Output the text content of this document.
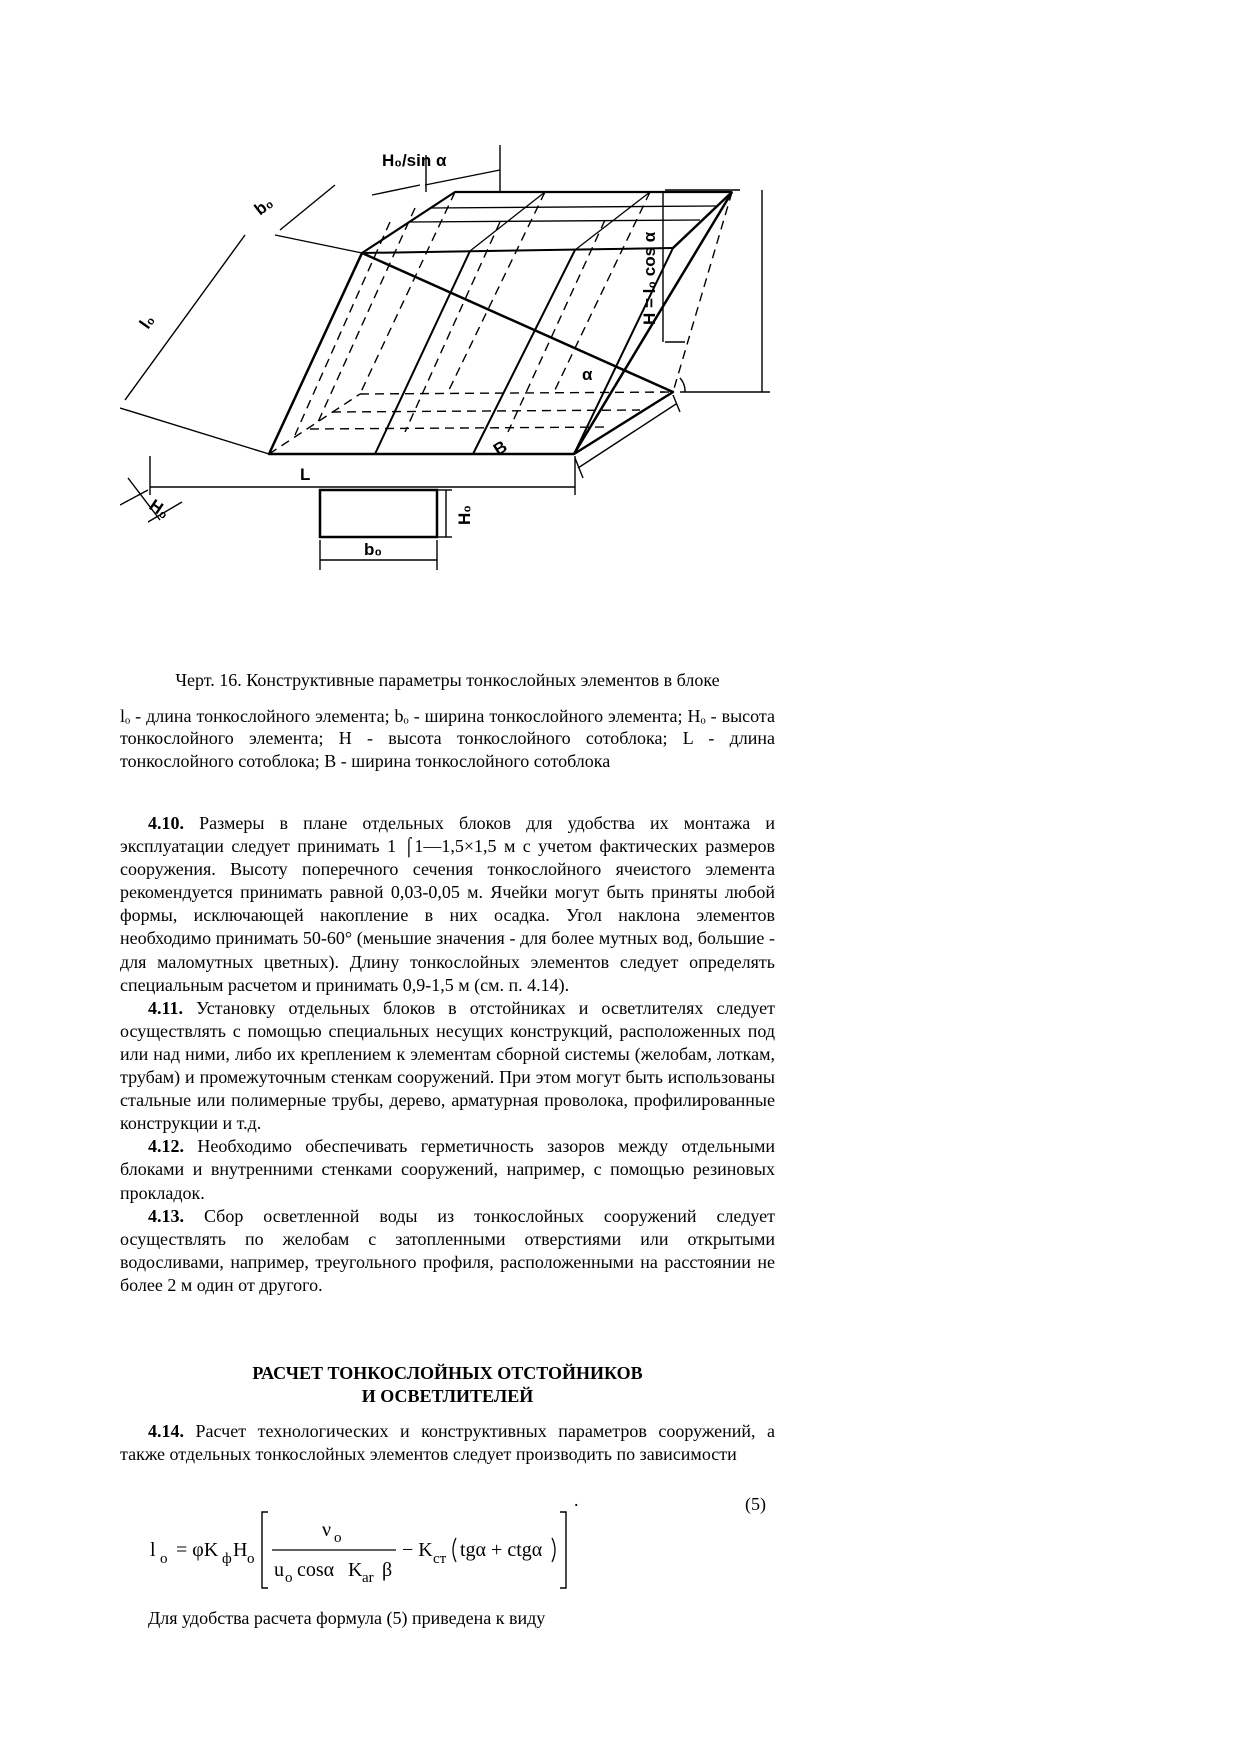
H₀/sin α
b₀
l₀	H = l₀ cos α
α
B
L
H₀	H₀
b₀
Черт. 16. Конструктивные параметры тонкослойных элементов в блоке
lₒ - длина тонкослойного элемента; bₒ - ширина тонкослойного элемента; Hₒ - высота тонкослойного элемента; H - высота тонкослойного сотоблока; L - длина тонкослойного сотоблока; B - ширина тонкослойного сотоблока

4.10. Размеры в плане отдельных блоков для удобства их монтажа и эксплуатации следует принимать 1 ⌠1—1,5×1,5 м с учетом фактических размеров сооружения. Высоту поперечного сечения тонкослойного ячеистого элемента рекомендуется принимать равной 0,03-0,05 м. Ячейки могут быть приняты любой формы, исключающей накопление в них осадка. Угол наклона элементов необходимо принимать 50-60° (меньшие значения - для более мутных вод, большие - для маломутных цветных). Длину тонкослойных элементов следует определять специальным расчетом и принимать 0,9-1,5 м (см. п. 4.14).

4.11. Установку отдельных блоков в отстойниках и осветлителях следует осуществлять с помощью специальных несущих конструкций, расположенных под или над ними, либо их креплением к элементам сборной системы (желобам, лоткам, трубам) и промежуточным стенкам сооружений. При этом могут быть использованы стальные или полимерные трубы, дерево, арматурная проволока, профилированные конструкции и т.д.

4.12. Необходимо обеспечивать герметичность зазоров между отдельными блоками и внутренними стенками сооружений, например, с помощью резиновых прокладок.

4.13. Сбор осветленной воды из тонкослойных сооружений следует осуществлять по желобам с затопленными отверстиями или открытыми водосливами, например, треугольного профиля, расположенными на расстоянии не более 2 м один от другого.

РАСЧЕТ ТОНКОСЛОЙНЫХ ОТСТОЙНИКОВ
И ОСВЕТЛИТЕЛЕЙ

4.14. Расчет технологических и конструктивных параметров сооружений, а также отдельных тонкослойных элементов следует производить по зависимости

.	(5)
l o = φK ф H o
ν o
u o cosα K ar β
− K ст tgα + ctgα
Для удобства расчета формула (5) приведена к виду
